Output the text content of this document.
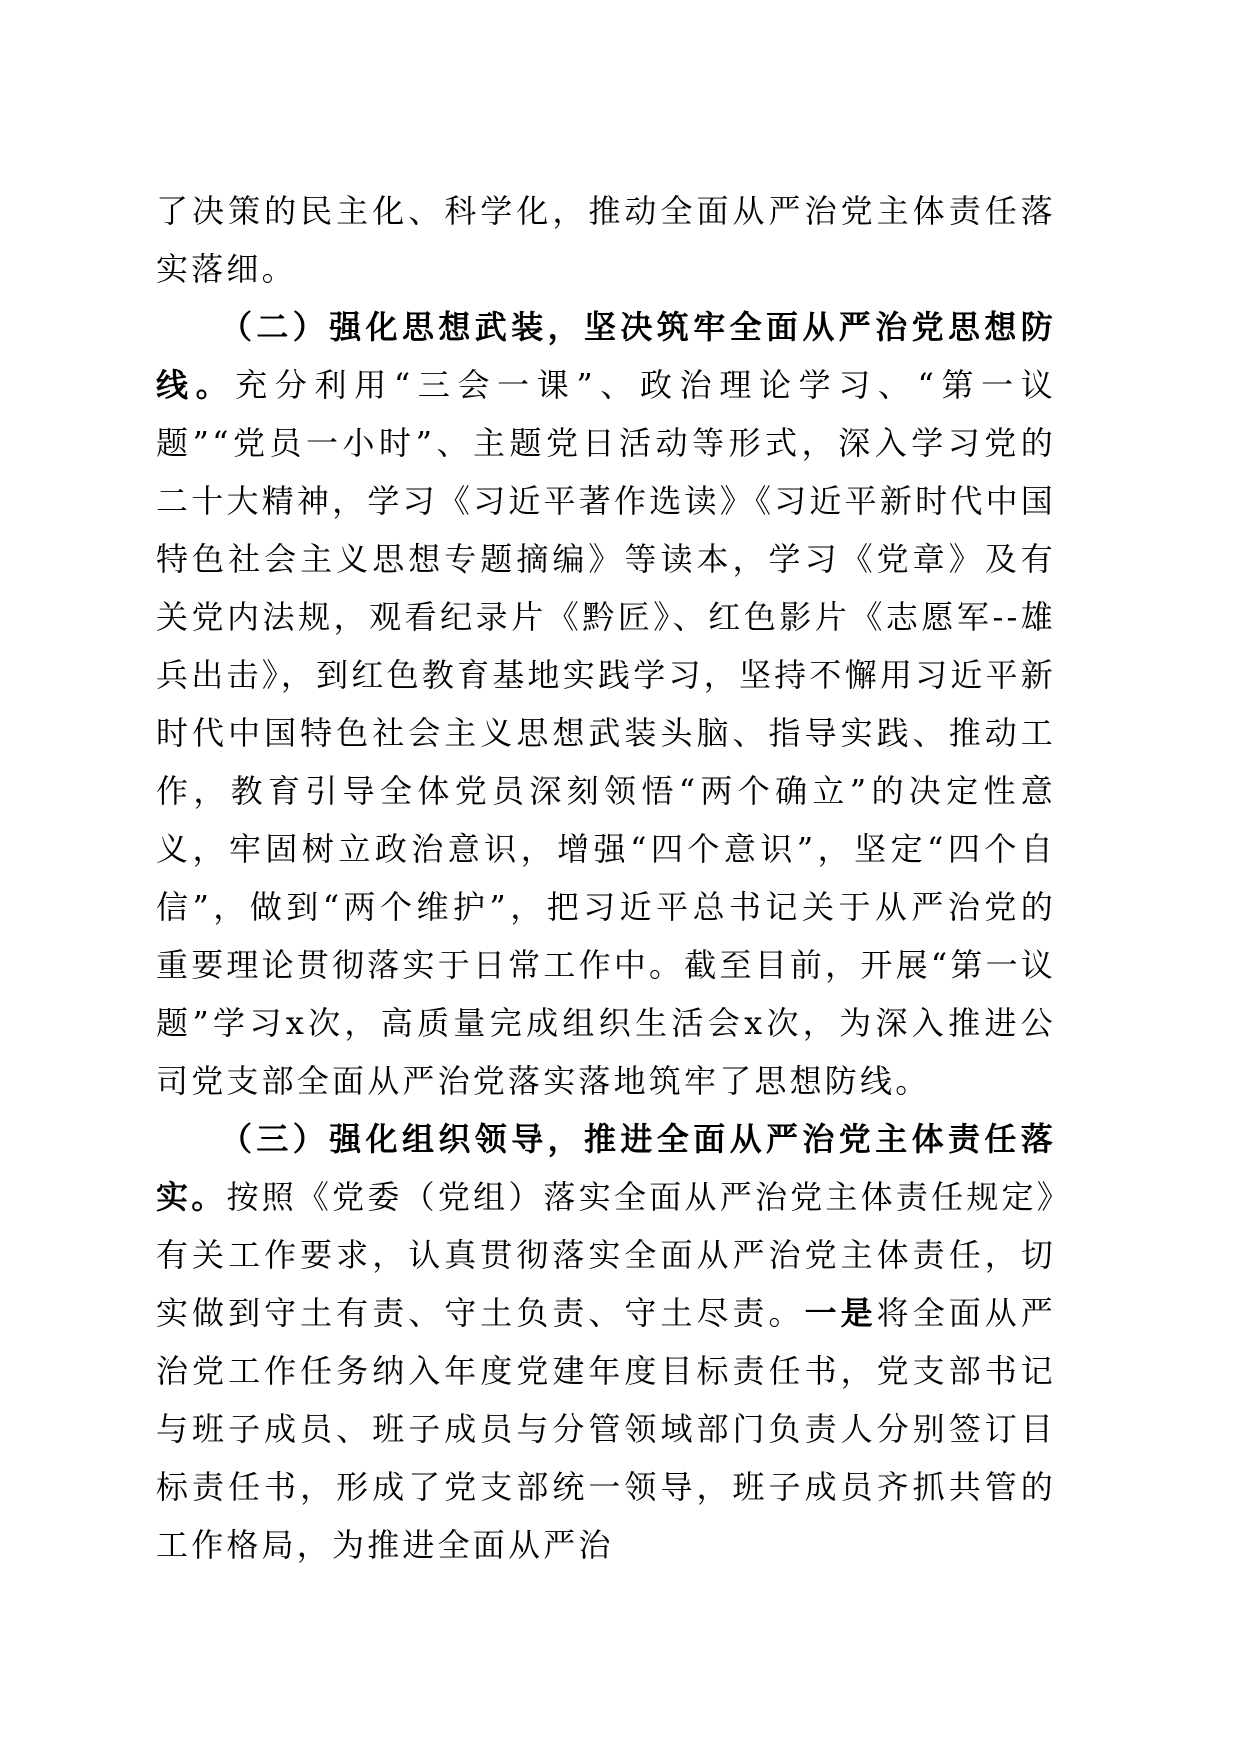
了决策的民主化、科学化，推动全面从严治党主体责任落实落细。

（二）强化思想武装，坚决筑牢全面从严治党思想防线。充分利用“三会一课”、政治理论学习、“第一议题”“党员一小时”、主题党日活动等形式，深入学习党的二十大精神，学习《习近平著作选读》《习近平新时代中国特色社会主义思想专题摘编》等读本，学习《党章》及有关党内法规，观看纪录片《黔匠》、红色影片《志愿军--雄兵出击》，到红色教育基地实践学习，坚持不懈用习近平新时代中国特色社会主义思想武装头脑、指导实践、推动工作，教育引导全体党员深刻领悟“两个确立”的决定性意义，牢固树立政治意识，增强“四个意识”，坚定“四个自信”，做到“两个维护”，把习近平总书记关于从严治党的重要理论贯彻落实于日常工作中。截至目前，开展“第一议题”学习x次，高质量完成组织生活会x次，为深入推进公司党支部全面从严治党落实落地筑牢了思想防线。

（三）强化组织领导，推进全面从严治党主体责任落实。按照《党委（党组）落实全面从严治党主体责任规定》有关工作要求，认真贯彻落实全面从严治党主体责任，切实做到守土有责、守土负责、守土尽责。一是将全面从严治党工作任务纳入年度党建年度目标责任书，党支部书记与班子成员、班子成员与分管领域部门负责人分别签订目标责任书，形成了党支部统一领导，班子成员齐抓共管的工作格局，为推进全面从严治
